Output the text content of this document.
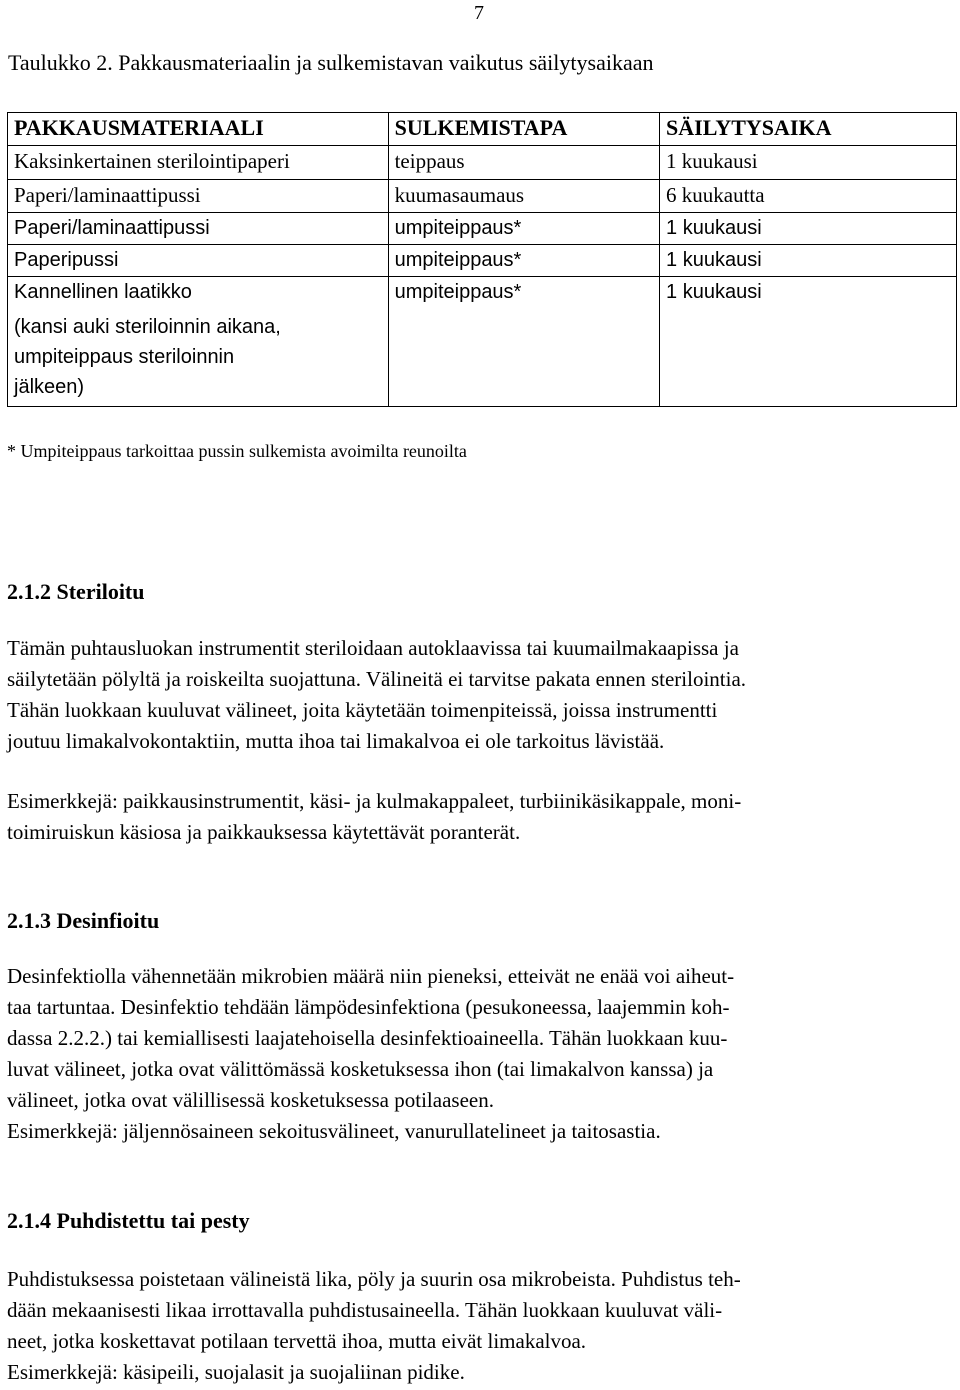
7
Taulukko 2. Pakkausmateriaalin ja sulkemistavan vaikutus säilytysaikaan
PAKKAUSMATERIAALI	SULKEMISTAPA	SÄILYTYSAIKA
Kaksinkertainen sterilointipaperi	teippaus	1 kuukausi
Paperi/laminaattipussi	kuumasaumaus	6 kuukautta
Paperi/laminaattipussi	umpiteippaus*	1 kuukausi
Paperipussi	umpiteippaus*	1 kuukausi
Kannellinen laatikko
(kansi auki steriloinnin aikana,
umpiteippaus steriloinnin
jälkeen)	umpiteippaus*	1 kuukausi
* Umpiteippaus tarkoittaa pussin sulkemista avoimilta reunoilta
2.1.2 Steriloitu
Tämän puhtausluokan instrumentit steriloidaan autoklaavissa tai kuumailmakaapissa ja
säilytetään pölyltä ja roiskeilta suojattuna. Välineitä ei tarvitse pakata ennen sterilointia.
Tähän luokkaan kuuluvat välineet, joita käytetään toimenpiteissä, joissa instrumentti
joutuu limakalvokontaktiin, mutta ihoa tai limakalvoa ei ole tarkoitus lävistää.
Esimerkkejä: paikkausinstrumentit, käsi- ja kulmakappaleet, turbiinikäsikappale, moni-
toimiruiskun käsiosa ja paikkauksessa käytettävät poranterät.
2.1.3 Desinfioitu
Desinfektiolla vähennetään mikrobien määrä niin pieneksi, etteivät ne enää voi aiheut-
taa tartuntaa. Desinfektio tehdään lämpödesinfektiona (pesukoneessa, laajemmin koh-
dassa 2.2.2.) tai kemiallisesti laajatehoisella desinfektioaineella. Tähän luokkaan kuu-
luvat välineet, jotka ovat välittömässä kosketuksessa ihon (tai limakalvon kanssa) ja
välineet, jotka ovat välillisessä kosketuksessa potilaaseen.
Esimerkkejä: jäljennösaineen sekoitusvälineet, vanurullatelineet ja taitosastia.
2.1.4 Puhdistettu tai pesty
Puhdistuksessa poistetaan välineistä lika, pöly ja suurin osa mikrobeista. Puhdistus teh-
dään mekaanisesti likaa irrottavalla puhdistusaineella. Tähän luokkaan kuuluvat väli-
neet, jotka koskettavat potilaan tervettä ihoa, mutta eivät limakalvoa.
Esimerkkejä: käsipeili, suojalasit ja suojaliinan pidike.
